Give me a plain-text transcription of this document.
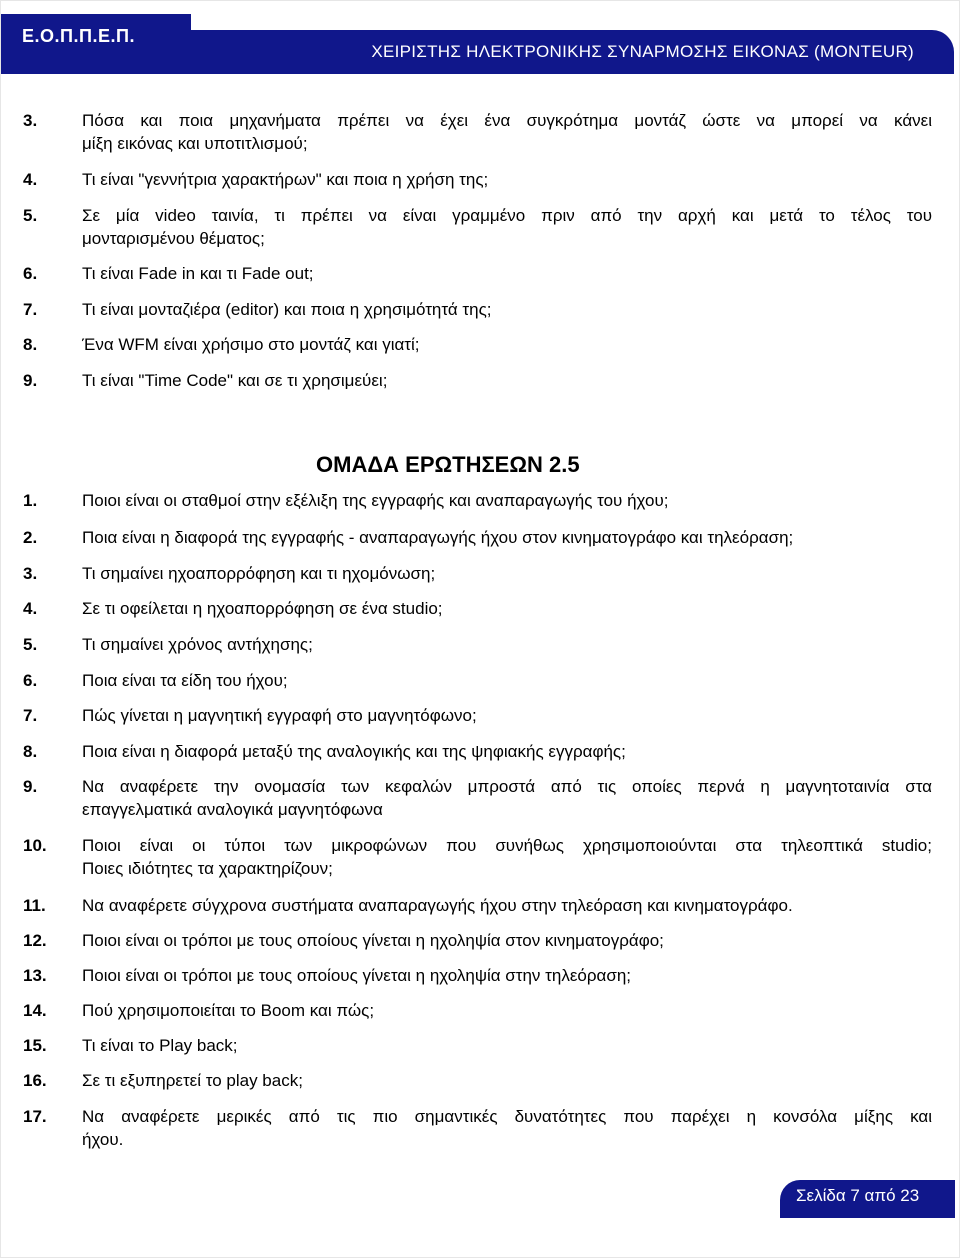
Ε.Ο.Π.Π.Ε.Π.
ΧΕΙΡΙΣΤΗΣ ΗΛΕΚΤΡΟΝΙΚΗΣ ΣΥΝΑΡΜΟΣΗΣ ΕΙΚΟΝΑΣ (MONTEUR)
3.	Πόσα και ποια μηχανήματα πρέπει να έχει ένα συγκρότημα μοντάζ ώστε να μπορεί να κάνει
μίξη εικόνας και υποτιτλισμού;
4.	Τι είναι "γεννήτρια χαρακτήρων" και ποια η χρήση της;
5.	Σε μία video ταινία, τι πρέπει να είναι γραμμένο πριν από την αρχή και μετά το τέλος του
μονταρισμένου θέματος;
6.	Τι είναι Fade in και τι Fade out;
7.	Τι είναι μονταζιέρα (editor) και ποια η χρησιμότητά της;
8.	Ένα WFM είναι χρήσιμο στο μοντάζ και γιατί;
9.	Τι είναι "Time Code" και σε τι χρησιμεύει;
ΟΜΑΔΑ ΕΡΩΤΗΣΕΩΝ 2.5
1.	Ποιοι είναι οι σταθμοί στην εξέλιξη της εγγραφής και αναπαραγωγής του ήχου;
2.	Ποια είναι η διαφορά της εγγραφής - αναπαραγωγής ήχου στον κινηματογράφο και τηλεόραση;
3.	Τι σημαίνει ηχοαπορρόφηση και τι ηχομόνωση;
4.	Σε τι οφείλεται η ηχοαπορρόφηση σε ένα studio;
5.	Τι σημαίνει χρόνος αντήχησης;
6.	Ποια είναι τα είδη του ήχου;
7.	Πώς γίνεται η μαγνητική εγγραφή στο μαγνητόφωνο;
8.	Ποια είναι η διαφορά μεταξύ της αναλογικής και της ψηφιακής εγγραφής;
9.	Να αναφέρετε την ονομασία των κεφαλών μπροστά από τις οποίες περνά η μαγνητοταινία στα
επαγγελματικά αναλογικά μαγνητόφωνα
10. Ποιοι είναι οι τύποι των μικροφώνων που συνήθως χρησιμοποιούνται στα τηλεοπτικά studio;
Ποιες ιδιότητες τα χαρακτηρίζουν;
11. Να αναφέρετε σύγχρονα συστήματα αναπαραγωγής ήχου στην τηλεόραση και κινηματογράφο.
12. Ποιοι είναι οι τρόποι με τους οποίους γίνεται η ηχοληψία στον κινηματογράφο;
13. Ποιοι είναι οι τρόποι με τους οποίους γίνεται η ηχοληψία στην τηλεόραση;
14. Πού χρησιμοποιείται το Boom και πώς;
15. Τι είναι το Play back;
16. Σε τι εξυπηρετεί το play back;
17. Να αναφέρετε μερικές από τις πιο σημαντικές δυνατότητες που παρέχει η κονσόλα μίξης και
ήχου.
Σελίδα 7 από 23
